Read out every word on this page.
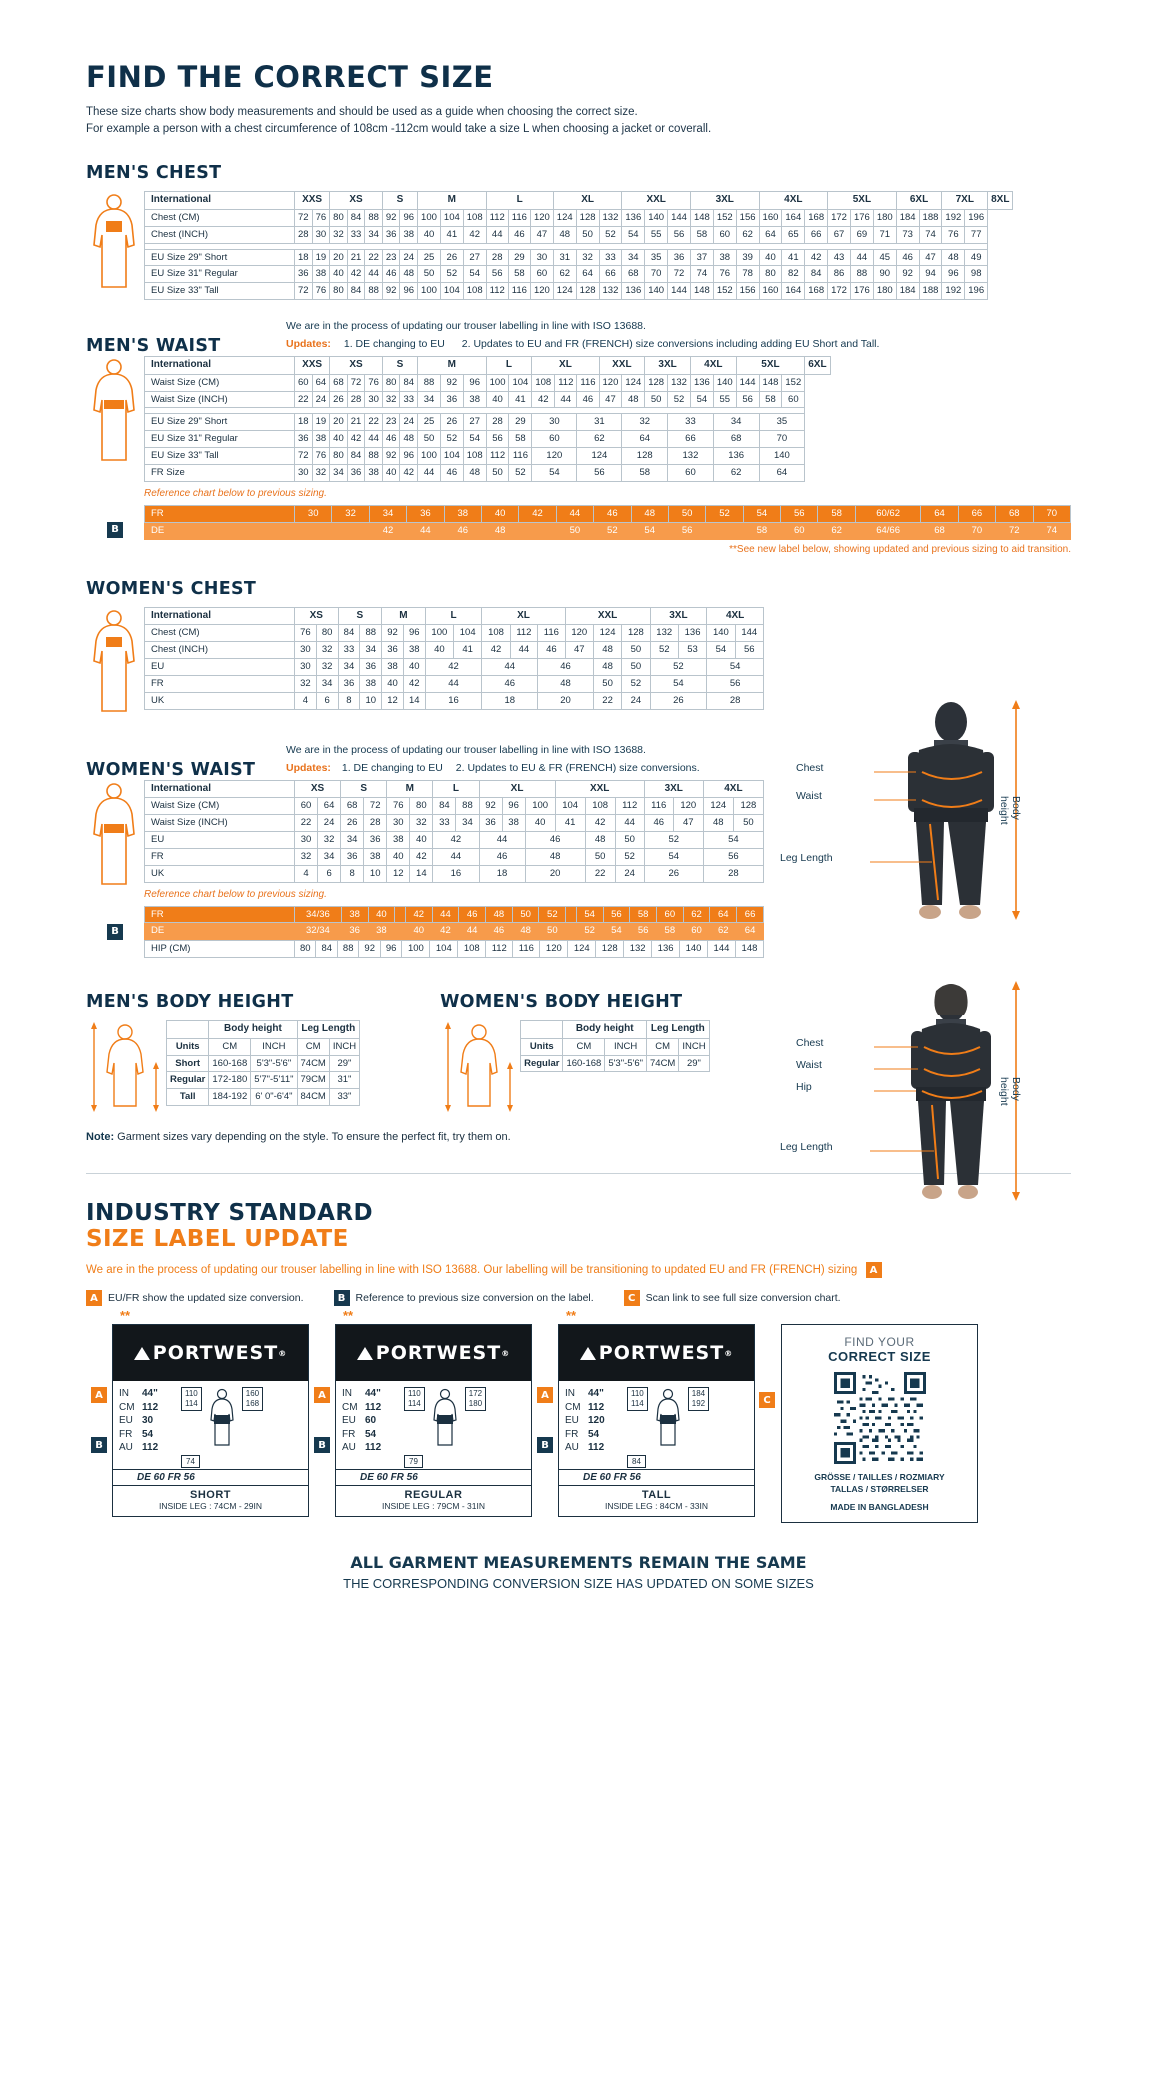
FIND THE CORRECT SIZE
These size charts show body measurements and should be used as a guide when choosing the correct size.
For example a person with a chest circumference of 108cm -112cm would take a size L when choosing a jacket or coverall.
MEN'S CHEST
International	XXS		XS			S		M			L			XL			XXL			3XL			4XL			5XL			6XL		7XL		8XL
Chest (CM)	72	76	80	84	88	92	96	100	104	108	112	116	120	124	128	132	136	140	144	148	152	156	160	164	168	172	176	180	184	188	192	196	
Chest (INCH)	28	30	32	33	34	36	38	40	41	42	44	46	47	48	50	52	54	55	56	58	60	62	64	65	66	67	69	71	73	74	76	77	

EU Size 29" Short	18	19	20	21	22	23	24	25	26	27	28	29	30	31	32	33	34	35	36	37	38	39	40	41	42	43	44	45	46	47	48	49	
EU Size 31" Regular	36	38	40	42	44	46	48	50	52	54	56	58	60	62	64	66	68	70	72	74	76	78	80	82	84	86	88	90	92	94	96	98	
EU Size 33" Tall	72	76	80	84	88	92	96	100	104	108	112	116	120	124	128	132	136	140	144	148	152	156	160	164	168	172	176	180	184	188	192	196	
MEN'S WAIST
We are in the process of updating our trouser labelling in line with ISO 13688.
Updates: 1. DE changing to EU 2. Updates to EU and FR (FRENCH) size conversions including adding EU Short and Tall.
International	XXS		XS			S		M			L		XL			XXL		3XL		4XL		5XL			6XL
Waist Size (CM)	60	64	68	72	76	80	84	88	92	96	100	104	108	112	116	120	124	128	132	136	140	144	148	152	
Waist Size (INCH)	22	24	26	28	30	32	33	34	36	38	40	41	42	44	46	47	48	50	52	54	55	56	58	60	

EU Size 29" Short	18	19	20	21	22	23	24	25	26	27	28	29	30		31		32		33		34		35		
EU Size 31" Regular	36	38	40	42	44	46	48	50	52	54	56	58	60		62		64		66		68		70		
EU Size 33" Tall	72	76	80	84	88	92	96	100	104	108	112	116	120		124		128		132		136		140		
FR Size	30	32	34	36	38	40	42	44	46	48	50	52	54		56		58		60		62		64		
Reference chart below to previous sizing.
B
FR	30	32	34	36	38	40	42	44	46	48	50	52	54	56	58	60/62	64	66	68	70
DE			42	44	46	48		50	52	54	56		58	60	62	64/66	68	70	72	74
**See new label below, showing updated and previous sizing to aid transition.
WOMEN'S CHEST
International	XS		S		M		L		XL			XXL			3XL		4XL	
Chest (CM)	76	80	84	88	92	96	100	104	108	112	116	120	124	128	132	136	140	144
Chest (INCH)	30	32	33	34	36	38	40	41	42	44	46	47	48	50	52	53	54	56
EU	30	32	34	36	38	40	42		44		46		48	50	52		54	
FR	32	34	36	38	40	42	44		46		48		50	52	54		56	
UK	4	6	8	10	12	14	16		18		20		22	24	26		28	
WOMEN'S WAIST
We are in the process of updating our trouser labelling in line with ISO 13688.
Updates: 1. DE changing to EU 2. Updates to EU & FR (FRENCH) size conversions.
International	XS		S		M		L		XL			XXL			3XL		4XL	
Waist Size (CM)	60	64	68	72	76	80	84	88	92	96	100	104	108	112	116	120	124	128
Waist Size (INCH)	22	24	26	28	30	32	33	34	36	38	40	41	42	44	46	47	48	50
EU	30	32	34	36	38	40	42		44		46		48	50	52		54	
FR	32	34	36	38	40	42	44		46		48		50	52	54		56	
UK	4	6	8	10	12	14	16		18		20		22	24	26		28	
Reference chart below to previous sizing.
B
FR	34/36	38	40		42	44	46	48	50	52		54	56	58	60	62	64	66
DE	32/34	36	38		40	42	44	46	48	50		52	54	56	58	60	62	64
HIP (CM)	80	84	88	92	96	100	104	108	112	116	120	124	128	132	136	140	144	148
MEN'S BODY HEIGHT
	Body height		Leg Length	
Units	CM	INCH	CM	INCH
Short	160-168	5'3"-5'6"	74CM	29"
Regular	172-180	5'7"-5'11"	79CM	31"
Tall	184-192	6' 0"-6'4"	84CM	33"
WOMEN'S BODY HEIGHT
	Body height		Leg Length	
Units	CM	INCH	CM	INCH
Regular	160-168	5'3"-5'6"	74CM	29"
Note: Garment sizes vary depending on the style. To ensure the perfect fit, try them on.
INDUSTRY STANDARD
SIZE LABEL UPDATE
We are in the process of updating our trouser labelling in line with ISO 13688. Our labelling will be transitioning to updated EU and FR (FRENCH) sizing A
A EU/FR show the updated size conversion.	B Reference to previous size conversion on the label.	C Scan link to see full size conversion chart.
**
PORTWEST ®
IN	44"
CM 112
EU 30
FR 54
AU 112
110
114
160
168
74
DE 60 FR 56
SHORT
INSIDE LEG : 74CM - 29IN
A
B
**
PORTWEST ®
IN	44"
CM 112
EU 60
FR 54
AU 112
110
114
172
180
79
DE 60 FR 56
REGULAR
INSIDE LEG : 79CM - 31IN
A
B
**
PORTWEST ®
IN	44"
CM 112
EU 120
FR 54
AU 112
110
114
184
192
84
DE 60 FR 56
TALL
INSIDE LEG : 84CM - 33IN
A
B
C
FIND YOUR
CORRECT SIZE
GRÖSSE / TAILLES / ROZMIARY
TALLAS / STØRRELSER
MADE IN BANGLADESH
ALL GARMENT MEASUREMENTS REMAIN THE SAME
THE CORRESPONDING CONVERSION SIZE HAS UPDATED ON SOME SIZES
Chest
Waist
Leg Length
Body height
Chest
Waist
Hip
Leg Length
Body height
